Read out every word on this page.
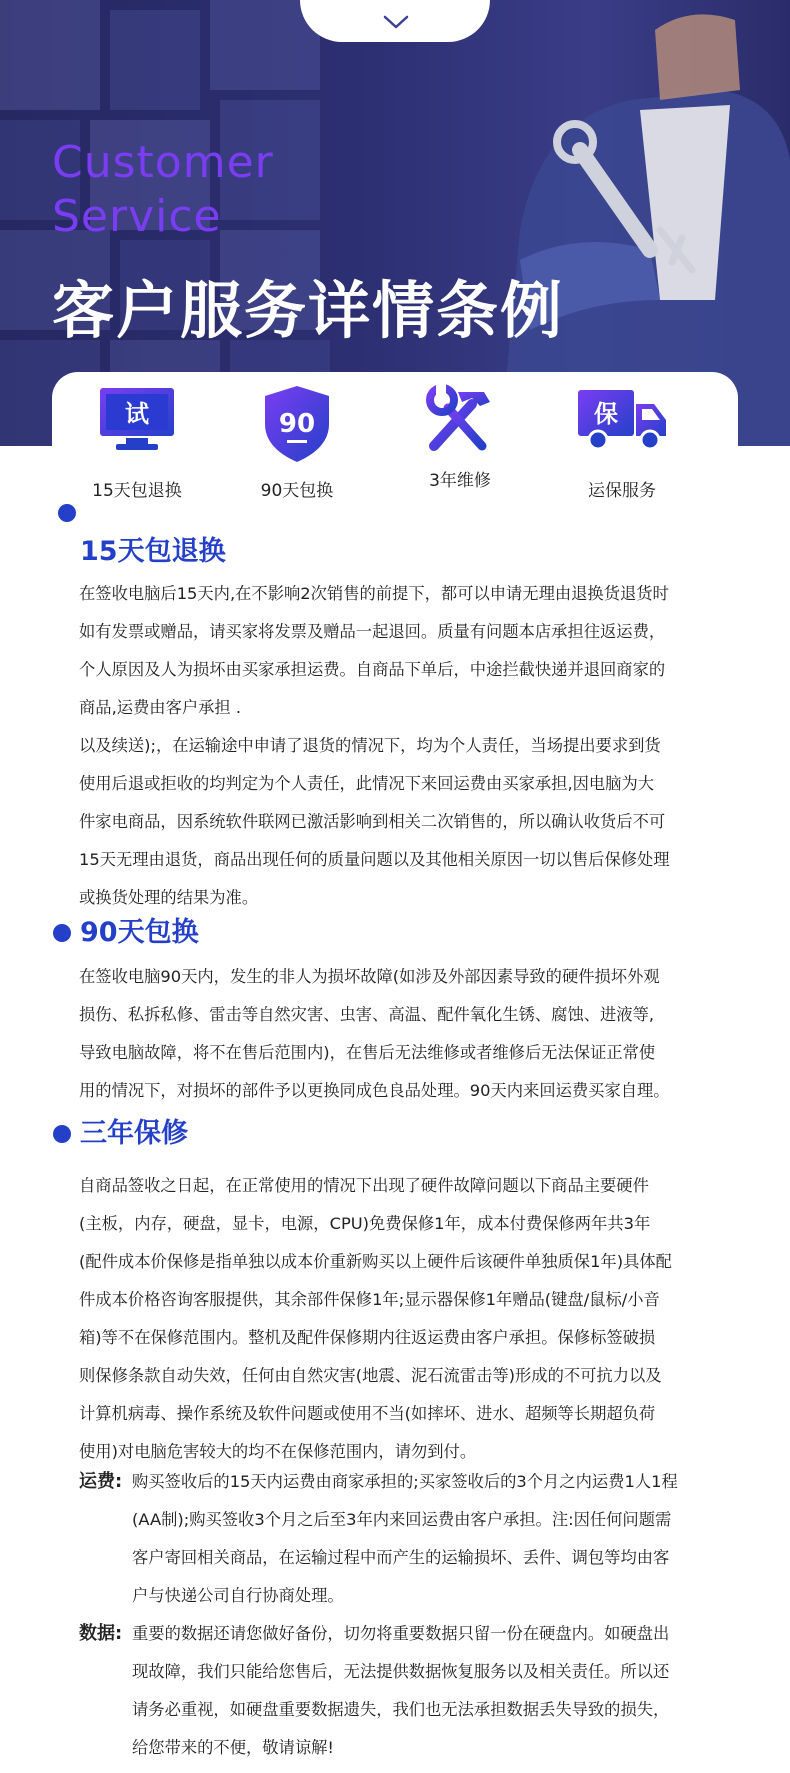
Customer
Service
客户服务详情条例
试
15天包退换
90
90天包换	3年维修
保
运保服务
15天包退换

在签收电脑后15天内,在不影响2次销售的前提下，都可以申请无理由退换货退货时
如有发票或赠品，请买家将发票及赠品一起退回。质量有问题本店承担往返运费，
个人原因及人为损坏由买家承担运费。自商品下单后，中途拦截快递并退回商家的
商品,运费由客户承担 .
以及续送);，在运输途中申请了退货的情况下，均为个人责任，当场提出要求到货
使用后退或拒收的均判定为个人责任，此情况下来回运费由买家承担,因电脑为大
件家电商品，因系统软件联网已激活影响到相关二次销售的，所以确认收货后不可
15天无理由退货，商品出现任何的质量问题以及其他相关原因一切以售后保修处理
或换货处理的结果为准。

90天包换

在签收电脑90天内，发生的非人为损坏故障(如涉及外部因素导致的硬件损坏外观
损伤、私拆私修、雷击等自然灾害、虫害、高温、配件氧化生锈、腐蚀、进液等,
导致电脑故障，将不在售后范围内)，在售后无法维修或者维修后无法保证正常使
用的情况下，对损坏的部件予以更换同成色良品处理。90天内来回运费买家自理。

三年保修

自商品签收之日起，在正常使用的情况下出现了硬件故障问题以下商品主要硬件
(主板，内存，硬盘，显卡，电源，CPU)免费保修1年，成本付费保修两年共3年
(配件成本价保修是指单独以成本价重新购买以上硬件后该硬件单独质保1年)具体配
件成本价格咨询客服提供，其余部件保修1年;显示器保修1年赠品(键盘/鼠标/小音
箱)等不在保修范围内。整机及配件保修期内往返运费由客户承担。保修标签破损
则保修条款自动失效，任何由自然灾害(地震、泥石流雷击等)形成的不可抗力以及
计算机病毒、操作系统及软件问题或使用不当(如摔坏、进水、超频等长期超负荷
使用)对电脑危害较大的均不在保修范围内，请勿到付。

运费: 购买签收后的15天内运费由商家承担的;买家签收后的3个月之内运费1人1程
(AA制);购买签收3个月之后至3年内来回运费由客户承担。注:因任何问题需
客户寄回相关商品，在运输过程中而产生的运输损坏、丢件、调包等均由客
户与快递公司自行协商处理。

数据: 重要的数据还请您做好备份，切勿将重要数据只留一份在硬盘内。如硬盘出
现故障，我们只能给您售后，无法提供数据恢复服务以及相关责任。所以还
请务必重视，如硬盘重要数据遗失，我们也无法承担数据丢失导致的损失，
给您带来的不便，敬请谅解!
